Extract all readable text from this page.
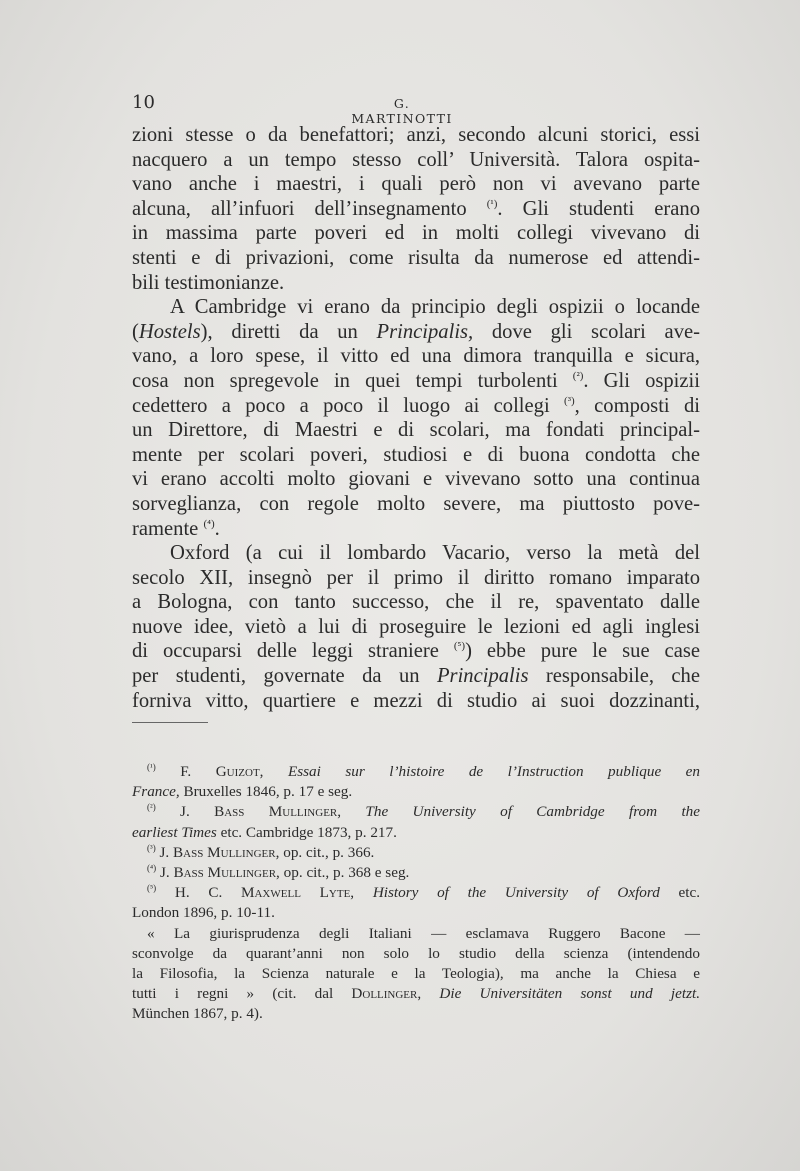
10	G. MARTINOTTI
zioni stesse o da benefattori; anzi, secondo alcuni storici, essi
nacquero a un tempo stesso coll’ Università. Talora ospita-
vano anche i maestri, i quali però non vi avevano parte
alcuna, all’infuori dell’insegnamento $^{(^1)}$. Gli studenti erano
in massima parte poveri ed in molti collegi vivevano di
stenti e di privazioni, come risulta da numerose ed attendi-
bili testimonianze.
A Cambridge vi erano da principio degli ospizii o locande
(Hostels), diretti da un Principalis, dove gli scolari ave-
vano, a loro spese, il vitto ed una dimora tranquilla e sicura,
cosa non spregevole in quei tempi turbolenti $^{(^2)}$. Gli ospizii
cedettero a poco a poco il luogo ai collegi $^{(^3)}$, composti di
un Direttore, di Maestri e di scolari, ma fondati principal-
mente per scolari poveri, studiosi e di buona condotta che
vi erano accolti molto giovani e vivevano sotto una continua
sorveglianza, con regole molto severe, ma piuttosto pove-
ramente $^{(^4)}$.
Oxford (a cui il lombardo Vacario, verso la metà del
secolo XII, insegnò per il primo il diritto romano imparato
a Bologna, con tanto successo, che il re, spaventato dalle
nuove idee, vietò a lui di proseguire le lezioni ed agli inglesi
di occuparsi delle leggi straniere $^{(^5)}$) ebbe pure le sue case
per studenti, governate da un Principalis responsabile, che
forniva vitto, quartiere e mezzi di studio ai suoi dozzinanti,
$^{(^1)}$ F. Guizot, Essai sur l’histoire de l’Instruction publique en
France, Bruxelles 1846, p. 17 e seg.
$^{(^2)}$ J. Bass Mullinger, The University of Cambridge from the
earliest Times etc. Cambridge 1873, p. 217.
$^{(^3)}$ J. Bass Mullinger, op. cit., p. 366.
$^{(^4)}$ J. Bass Mullinger, op. cit., p. 368 e seg.
$^{(^5)}$ H. C. Maxwell Lyte, History of the University of Oxford etc.
London 1896, p. 10-11.
« La giurisprudenza degli Italiani — esclamava Ruggero Bacone —
sconvolge da quarant’anni non solo lo studio della scienza (intendendo
la Filosofia, la Scienza naturale e la Teologia), ma anche la Chiesa e
tutti i regni » (cit. dal Dollinger, Die Universitäten sonst und jetzt.
München 1867, p. 4).
